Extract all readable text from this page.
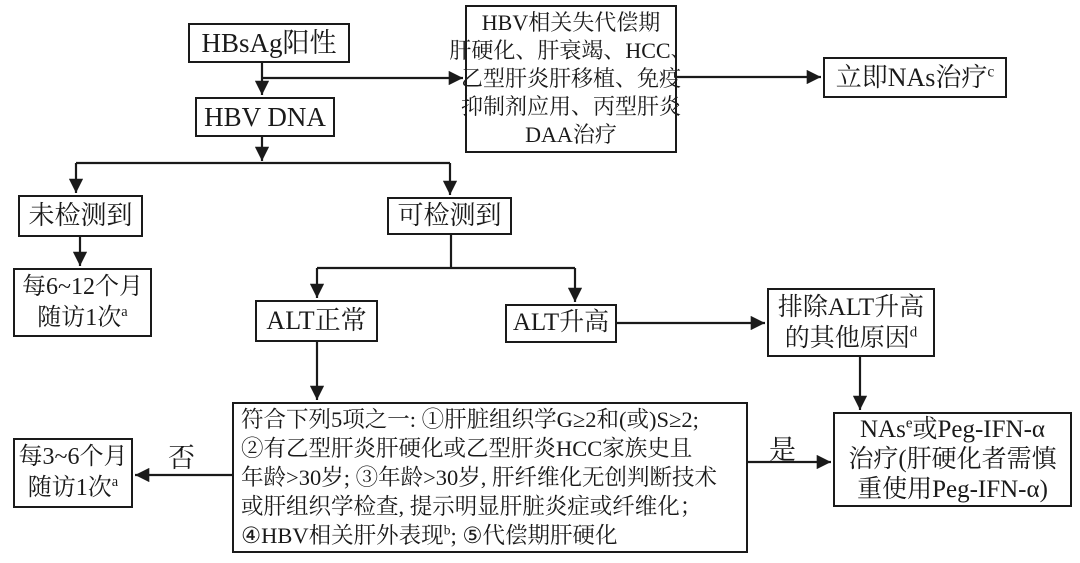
HBsAg阳性
HBV DNA
HBV相关失代偿期
肝硬化、肝衰竭、HCC、
乙型肝炎肝移植、免疫
抑制剂应用、丙型肝炎
DAA治疗
立即NAs治疗$^c$
未检测到	可检测到
每6~12个月
随访1次$^a$	ALT正常	ALT升高
排除ALT升高
的其他原因$^d$
符合下列5项之一: ①肝脏组织学G≥2和(或)S≥2;
②有乙型肝炎肝硬化或乙型肝炎HCC家族史且
年龄>30岁; ③年龄>30岁, 肝纤维化无创判断技术
或肝组织学检查, 提示明显肝脏炎症或纤维化；
④HBV相关肝外表现$^b$; ⑤代偿期肝硬化
每3~6个月
随访1次$^a$
NAs$^e$或Peg-IFN-α
治疗(肝硬化者需慎
重使用Peg-IFN-α)
否	是
